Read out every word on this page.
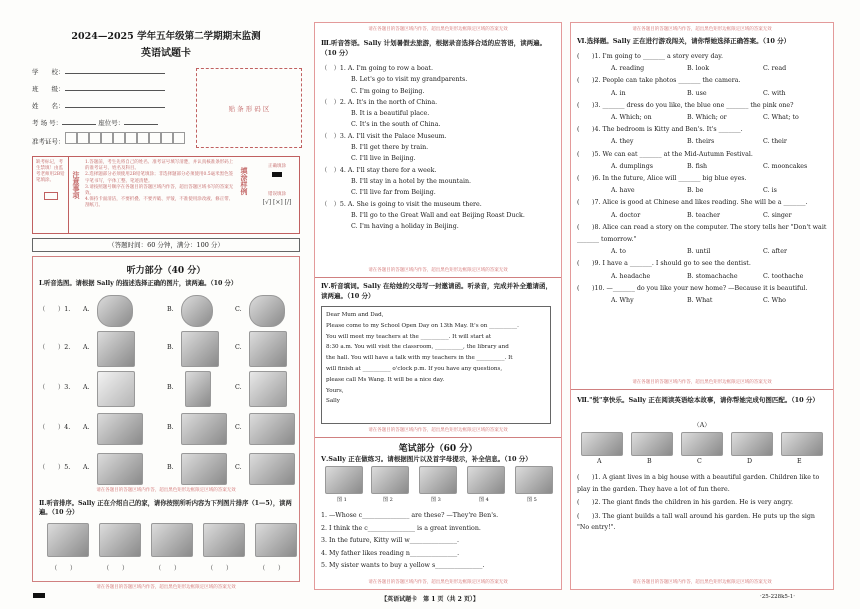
2024—2025 学年五年级第二学期期末监测
英语试题卡
学　　校：
班　　级：
姓　　名：
考 场 号：	座位号：
准考证号：
贴 条 形 码 区
缺考标记，考生禁填！由监考老师用2B铅笔填涂。	注意事项
1.答题前，考生先将自己的姓名、准考证号填写清楚，并认真核准条形码上的准考证号、姓名及科目。
2.选择题部分必须使用2B铅笔填涂；非选择题部分必须使用0.5毫米黑色签字笔书写，字体工整、笔迹清楚。
3.请按照题号顺序在各题目的答题区域内作答，超出答题区域书写的答案无效。
4.保持卡面清洁，不要折叠、不要弄破、弄皱，不准使用涂改液、修正带、刮纸刀。
填涂样例
正确填涂
错误填涂
[√] [×] [/]
（答题时间：60 分钟，满分：100 分）
听力部分（40 分）
Ⅰ.听音选图。请根据 Sally 的描述选择正确的图片，读两遍。（10 分）
（　　）1. A.	B.	C.
（　　）2. A.	B.	C.
（　　）3. A.	B.	C.
（　　）4. A.	B.	C.
（　　）5. A.	B.	C.
请在各题目的答题区域内作答，超出黑色矩形边框限定区域的答案无效
Ⅱ.听音排序。Sally 正在介绍自己的家，请你按照所听内容为下列图片排序（1—5），读两遍。（10 分）
（　　）	（　　）	（　　）	（　　）	（　　）
请在各题目的答题区域内作答，超出黑色矩形边框限定区域的答案无效
请在各题目的答题区域内作答，超出黑色矩形边框限定区域的答案无效
Ⅲ.听音答语。Sally 计划暑假去旅游，根据录音选择合适的应答语，读两遍。（10 分）
（　）1. A. I'm going to row a boat.
B. Let's go to visit my grandparents.
C. I'm going to Beijing.
（　）2. A. It's in the north of China.
B. It is a beautiful place.
C. It's in the south of China.
（　）3. A. I'll visit the Palace Museum.
B. I'll get there by train.
C. I'll live in Beijing.
（　）4. A. I'll stay there for a week.
B. I'll stay in a hotel by the mountain.
C. I'll live far from Beijing.
（　）5. A. She is going to visit the museum there.
B. I'll go to the Great Wall and eat Beijing Roast Duck.
C. I'm having a holiday in Beijing.
请在各题目的答题区域内作答，超出黑色矩形边框限定区域的答案无效
Ⅳ.听音填词。Sally 在给她的父母写一封邀请函。听录音，完成并补全邀请函，读两遍。（10 分）
Dear Mum and Dad,
Please come to my School Open Day on 13th May. It's on __________.
You will meet my teachers at the __________. It will start at
8:30 a.m. You will visit the classroom, __________, the library and
the hall. You will have a talk with my teachers in the __________. It
will finish at __________ o'clock p.m. If you have any questions,
please call Ms Wang. It will be a nice day.
Yours,
Sally
请在各题目的答题区域内作答，超出黑色矩形边框限定区域的答案无效
笔试部分（60 分）
Ⅴ.Sally 正在做练习。请根据图片以及首字母提示，补全信息。（10 分）
图 1	图 2	图 3	图 4	图 5
1. —Whose c_______________ are these? —They're Ben's.
2. I think the c_______________ is a great invention.
3. In the future, Kitty will w_______________.
4. My father likes reading n_______________.
5. My sister wants to buy a yellow s_______________.
请在各题目的答题区域内作答，超出黑色矩形边框限定区域的答案无效
请在各题目的答题区域内作答，超出黑色矩形边框限定区域的答案无效
Ⅵ.选择题。Sally 正在进行游戏闯关，请你帮她选择正确答案。（10 分）
(　　)1. I'm going to _______ a story every day.
A. reading	B. look	C. read
(　　)2. People can take photos _______ the camera.
A. in	B. use	C. with
(　　)3. _______ dress do you like, the blue one _______ the pink one?
A. Which; on	B. Which; or	C. What; to
(　　)4. The bedroom is Kitty and Ben's. It's _______.
A. they	B. theirs	C. their
(　　)5. We can eat _______ at the Mid-Autumn Festival.
A. dumplings	B. fish	C. mooncakes
(　　)6. In the future, Alice will _______ big blue eyes.
A. have	B. be	C. is
(　　)7. Alice is good at Chinese and likes reading. She will be a _______.
A. doctor	B. teacher	C. singer
(　　)8. Alice can read a story on the computer. The story tells her "Don't wait _______ tomorrow."
A. to	B. until	C. after
(　　)9. I have a _______. I should go to see the dentist.
A. headache	B. stomachache	C. toothache
(　　)10. —_______ do you like your new home? —Because it is beautiful.
A. Why	B. What	C. Who
请在各题目的答题区域内作答，超出黑色矩形边框限定区域的答案无效
Ⅶ."悦"享快乐。Sally 正在阅读英语绘本故事，请你帮她完成句图匹配。（10 分）
（A）
A	B	C	D	E
(　　)1. A giant lives in a big house with a beautiful garden. Children like to play in the garden. They have a lot of fun there.
(　　)2. The giant finds the children in his garden. He is very angry.
(　　)3. The giant builds a tall wall around his garden. He puts up the sign "No entry!".
请在各题目的答题区域内作答，超出黑色矩形边框限定区域的答案无效
【英语试题卡　第 1 页（共 2 页）】	·25-228k5-1·
